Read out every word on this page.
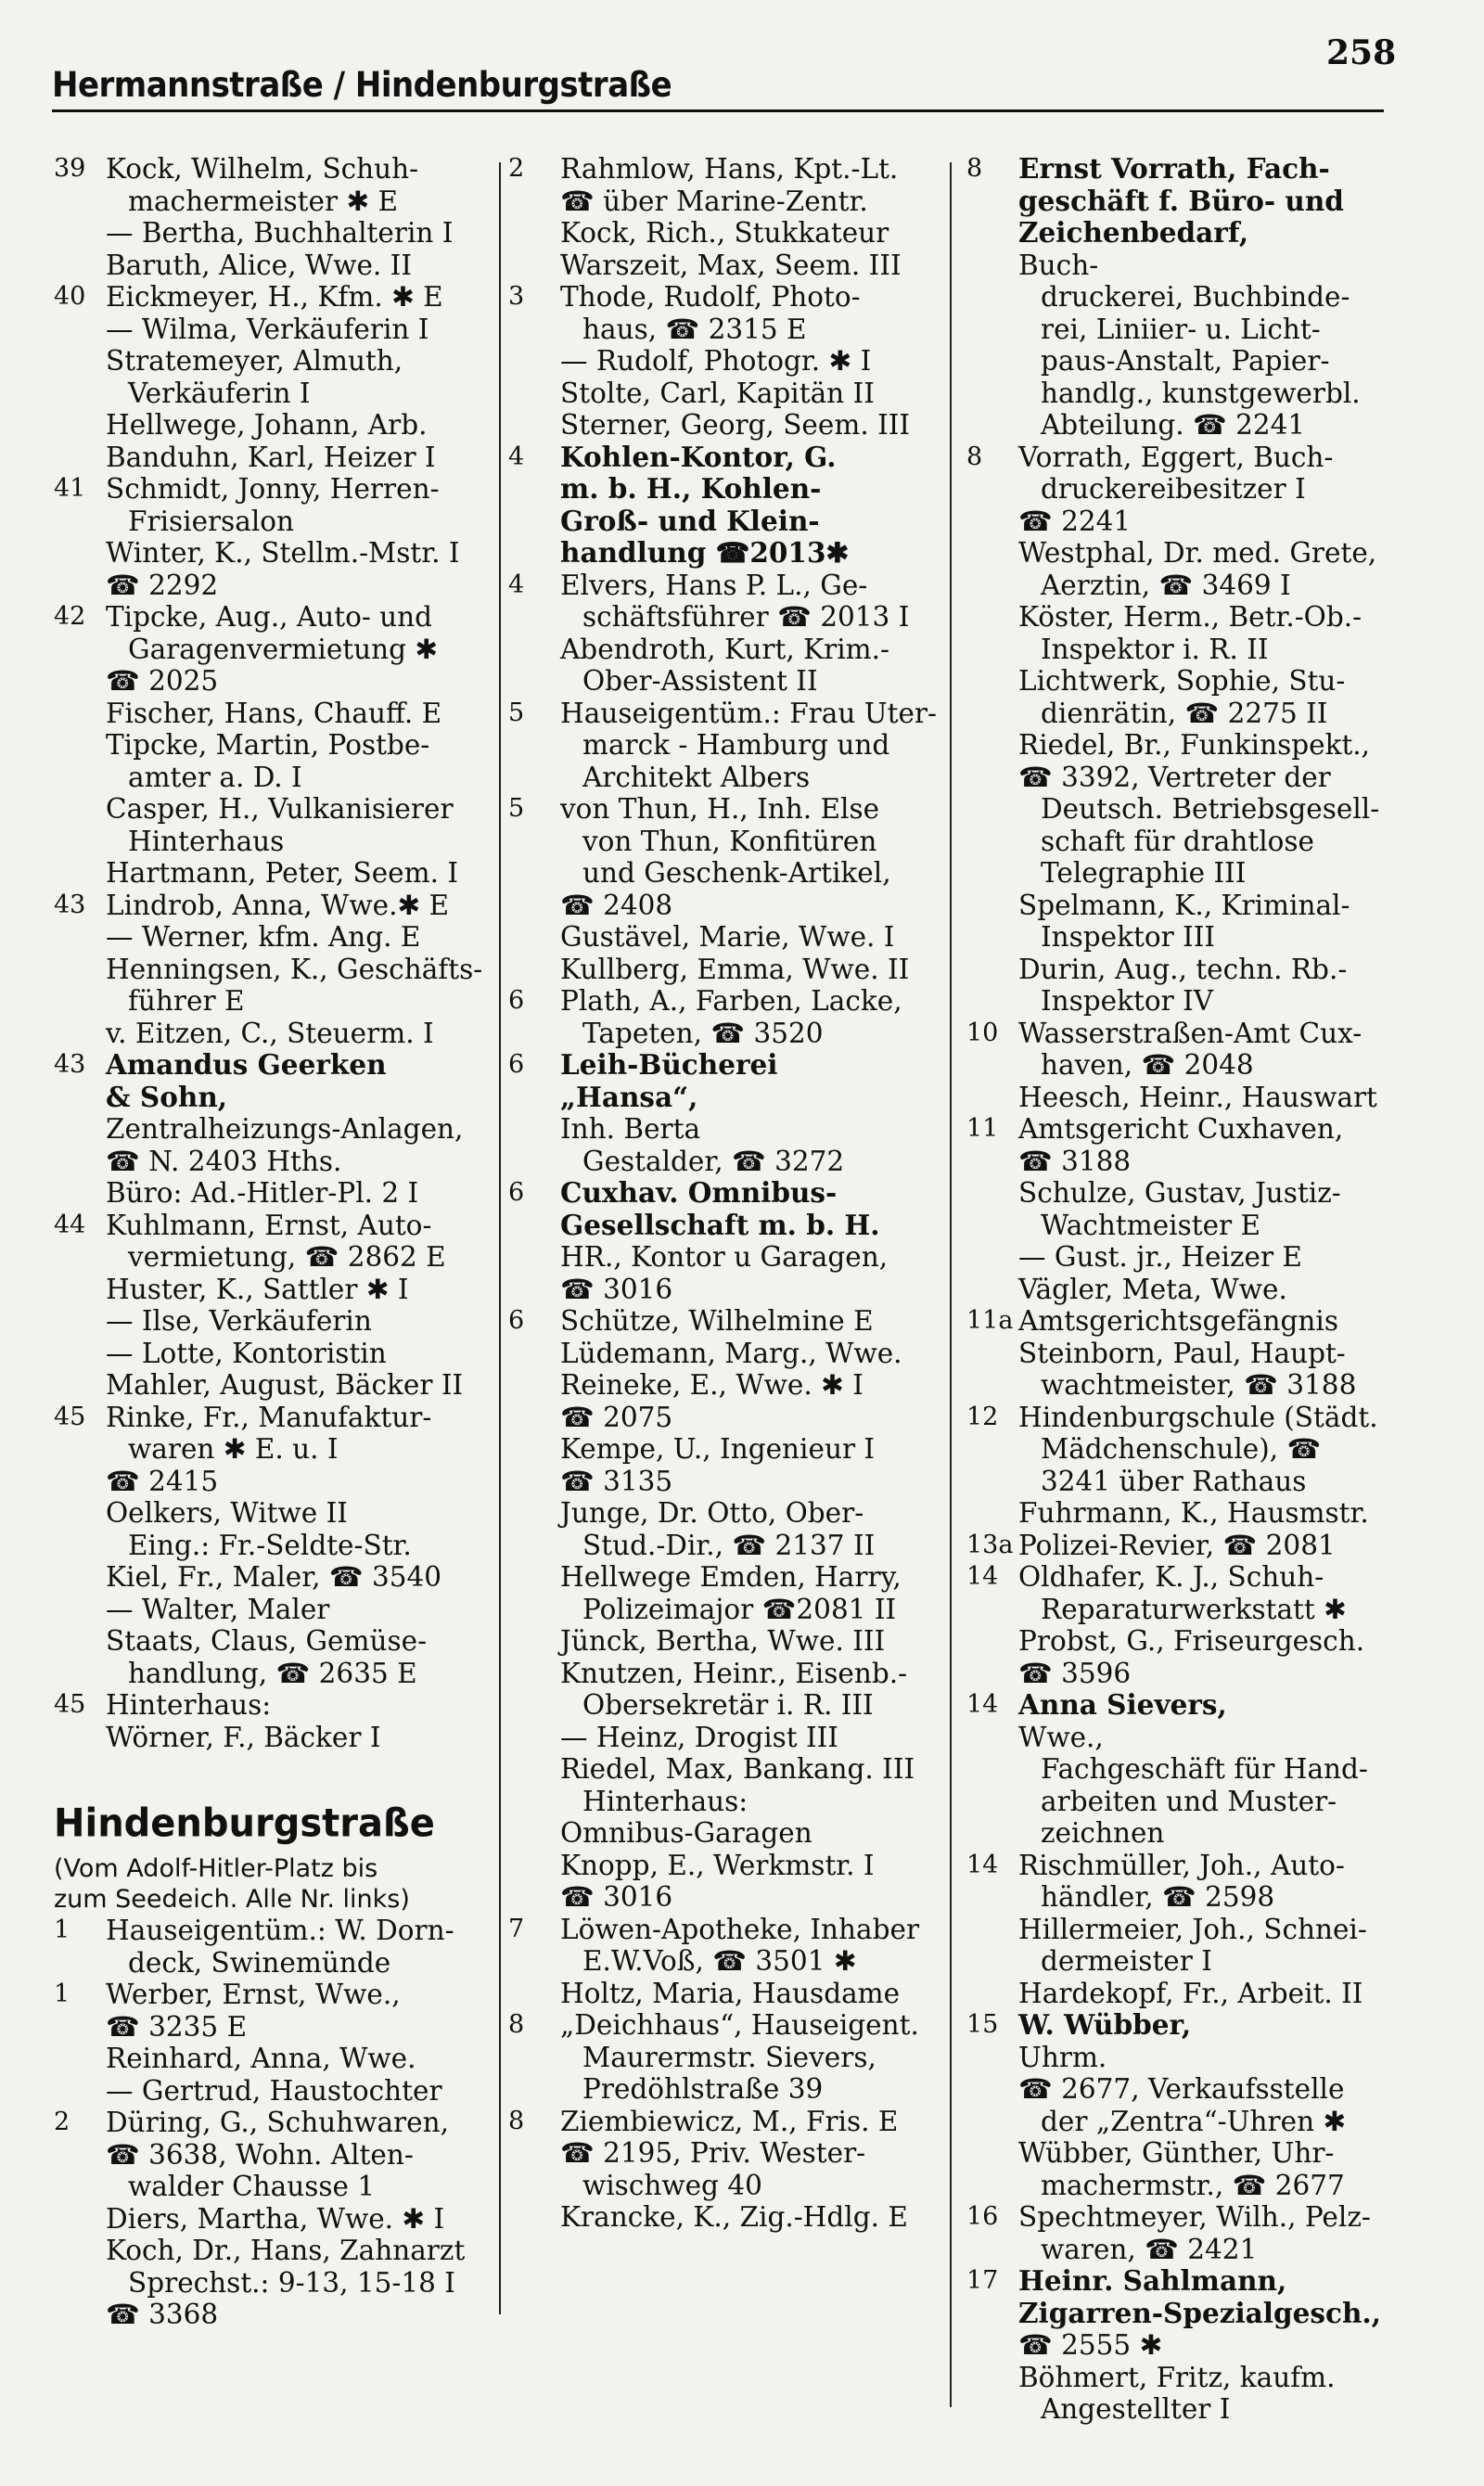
Hermannstraße / Hindenburgstraße
258
39 Kock, Wilhelm, Schuh-
machermeister ✱ E
— Bertha, Buchhalterin I
Baruth, Alice, Wwe. II
40 Eickmeyer, H., Kfm. ✱ E
— Wilma, Verkäuferin I
Stratemeyer, Almuth,
Verkäuferin I
Hellwege, Johann, Arb.
Banduhn, Karl, Heizer I
41 Schmidt, Jonny, Herren-
Frisiersalon
Winter, K., Stellm.-Mstr. I
☎ 2292
42 Tipcke, Aug., Auto- und
Garagenvermietung ✱
☎ 2025
Fischer, Hans, Chauff. E
Tipcke, Martin, Postbe-
amter a. D. I
Casper, H., Vulkanisierer
Hinterhaus
Hartmann, Peter, Seem. I
43 Lindrob, Anna, Wwe.✱ E
— Werner, kfm. Ang. E
Henningsen, K., Geschäfts-
führer E
v. Eitzen, C., Steuerm. I
43 Amandus Geerken
& Sohn,
Zentralheizungs-Anlagen,
☎ N. 2403 Hths.
Büro: Ad.-Hitler-Pl. 2 I
44 Kuhlmann, Ernst, Auto-
vermietung, ☎ 2862 E
Huster, K., Sattler ✱ I
— Ilse, Verkäuferin
— Lotte, Kontoristin
Mahler, August, Bäcker II
45 Rinke, Fr., Manufaktur-
waren ✱ E. u. I
☎ 2415
Oelkers, Witwe II
Eing.: Fr.-Seldte-Str.
Kiel, Fr., Maler, ☎ 3540
— Walter, Maler
Staats, Claus, Gemüse-
handlung, ☎ 2635 E
45 Hinterhaus:
Wörner, F., Bäcker I
Hindenburgstraße
(Vom Adolf-Hitler-Platz bis
zum Seedeich. Alle Nr. links)
1	Hauseigentüm.: W. Dorn-
deck, Swinemünde
1	Werber, Ernst, Wwe.,
☎ 3235 E
Reinhard, Anna, Wwe.
— Gertrud, Haustochter
2	Düring, G., Schuhwaren,
☎ 3638, Wohn. Alten-
walder Chausse 1
Diers, Martha, Wwe. ✱ I
Koch, Dr., Hans, Zahnarzt
Sprechst.: 9-13, 15-18 I
☎ 3368
2	Rahmlow, Hans, Kpt.-Lt.
☎ über Marine-Zentr.
Kock, Rich., Stukkateur
Warszeit, Max, Seem. III
3	Thode, Rudolf, Photo-
haus, ☎ 2315 E
— Rudolf, Photogr. ✱ I
Stolte, Carl, Kapitän II
Sterner, Georg, Seem. III
4	Kohlen-Kontor, G.
m. b. H., Kohlen-
Groß- und Klein-
handlung ☎2013✱
4	Elvers, Hans P. L., Ge-
schäftsführer ☎ 2013 I
Abendroth, Kurt, Krim.-
Ober-Assistent II
5	Hauseigentüm.: Frau Uter-
marck - Hamburg und
Architekt Albers
5	von Thun, H., Inh. Else
von Thun, Konfitüren
und Geschenk-Artikel,
☎ 2408
Gustävel, Marie, Wwe. I
Kullberg, Emma, Wwe. II
6	Plath, A., Farben, Lacke,
Tapeten, ☎ 3520
6	Leih-Bücherei
„Hansa“,
Inh. Berta
Gestalder, ☎ 3272
6	Cuxhav. Omnibus-
Gesellschaft m. b. H.
HR., Kontor u Garagen,
☎ 3016
6	Schütze, Wilhelmine E
Lüdemann, Marg., Wwe.
Reineke, E., Wwe. ✱ I
☎ 2075
Kempe, U., Ingenieur I
☎ 3135
Junge, Dr. Otto, Ober-
Stud.-Dir., ☎ 2137 II
Hellwege Emden, Harry,
Polizeimajor ☎2081 II
Jünck, Bertha, Wwe. III
Knutzen, Heinr., Eisenb.-
Obersekretär i. R. III
— Heinz, Drogist III
Riedel, Max, Bankang. III
Hinterhaus:
Omnibus-Garagen
Knopp, E., Werkmstr. I
☎ 3016
7	Löwen-Apotheke, Inhaber
E.W.Voß, ☎ 3501 ✱
Holtz, Maria, Hausdame
8	„Deichhaus“, Hauseigent.
Maurermstr. Sievers,
Predöhlstraße 39
8	Ziembiewicz, M., Fris. E
☎ 2195, Priv. Wester-
wischweg 40
Krancke, K., Zig.-Hdlg. E
8	Ernst Vorrath, Fach-
geschäft f. Büro- und
Zeichenbedarf,
Buch-
druckerei, Buchbinde-
rei, Liniier- u. Licht-
paus-Anstalt, Papier-
handlg., kunstgewerbl.
Abteilung. ☎ 2241
8	Vorrath, Eggert, Buch-
druckereibesitzer I
☎ 2241
Westphal, Dr. med. Grete,
Aerztin, ☎ 3469 I
Köster, Herm., Betr.-Ob.-
Inspektor i. R. II
Lichtwerk, Sophie, Stu-
dienrätin, ☎ 2275 II
Riedel, Br., Funkinspekt.,
☎ 3392, Vertreter der
Deutsch. Betriebsgesell-
schaft für drahtlose
Telegraphie III
Spelmann, K., Kriminal-
Inspektor III
Durin, Aug., techn. Rb.-
Inspektor IV
10 Wasserstraßen-Amt Cux-
haven, ☎ 2048
Heesch, Heinr., Hauswart
11 Amtsgericht Cuxhaven,
☎ 3188
Schulze, Gustav, Justiz-
Wachtmeister E
— Gust. jr., Heizer E
Vägler, Meta, Wwe.
11a Amtsgerichtsgefängnis
Steinborn, Paul, Haupt-
wachtmeister, ☎ 3188
12 Hindenburgschule (Städt.
Mädchenschule), ☎
3241 über Rathaus
Fuhrmann, K., Hausmstr.
13a Polizei-Revier, ☎ 2081
14 Oldhafer, K. J., Schuh-
Reparaturwerkstatt ✱
Probst, G., Friseurgesch.
☎ 3596
14 Anna Sievers,
Wwe.,
Fachgeschäft für Hand-
arbeiten und Muster-
zeichnen
14 Rischmüller, Joh., Auto-
händler, ☎ 2598
Hillermeier, Joh., Schnei-
dermeister I
Hardekopf, Fr., Arbeit. II
15 W. Wübber,
Uhrm.
☎ 2677, Verkaufsstelle
der „Zentra“-Uhren ✱
Wübber, Günther, Uhr-
machermstr., ☎ 2677
16 Spechtmeyer, Wilh., Pelz-
waren, ☎ 2421
17 Heinr. Sahlmann,
Zigarren-Spezialgesch.,
☎ 2555 ✱
Böhmert, Fritz, kaufm.
Angestellter I
